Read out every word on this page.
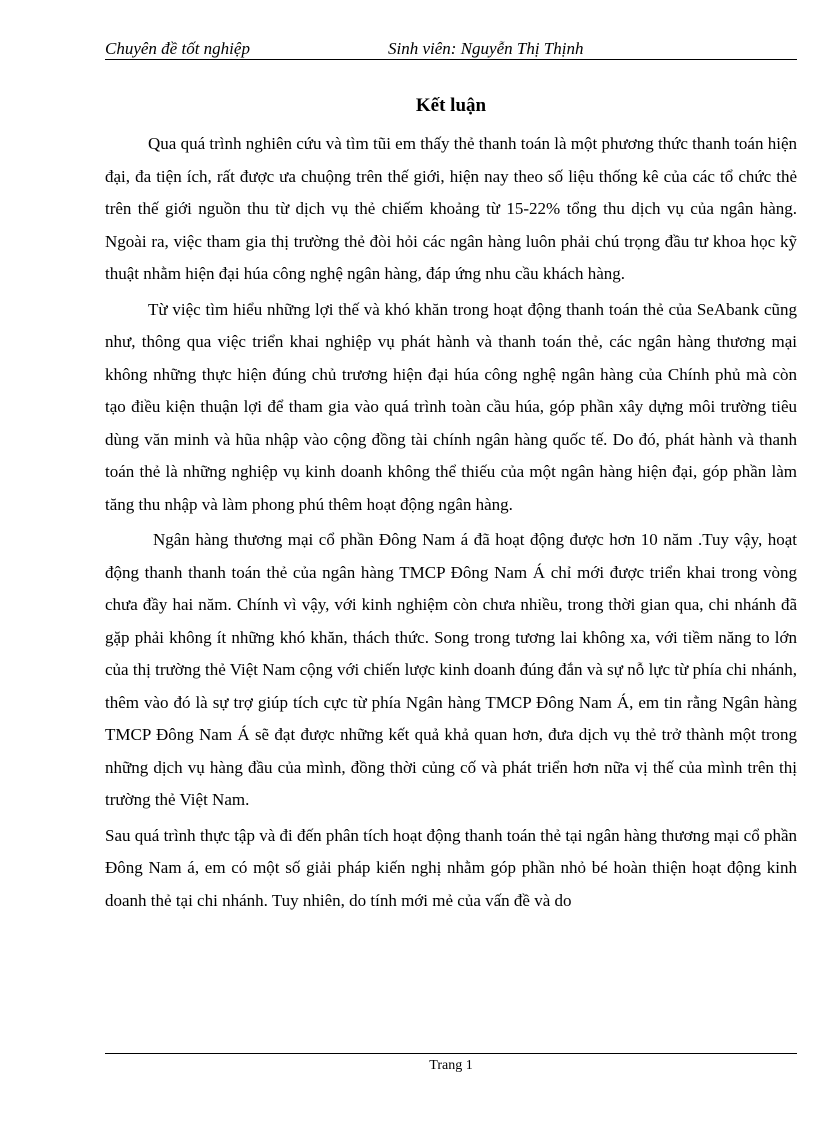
Chuyên đề tốt nghiệp	Sinh viên: Nguyễn Thị Thịnh
Kết luận

Qua quá trình nghiên cứu và tìm tũi em thấy thẻ thanh toán là một phương thức thanh toán hiện đại, đa tiện ích, rất được ưa chuộng trên thế giới, hiện nay theo số liệu thống kê của các tổ chức thẻ trên thế giới nguồn thu từ dịch vụ thẻ chiếm khoảng từ 15-22% tổng thu dịch vụ của ngân hàng. Ngoài ra, việc tham gia thị trường thẻ đòi hỏi các ngân hàng luôn phải chú trọng đầu tư khoa học kỹ thuật nhằm hiện đại húa công nghệ ngân hàng, đáp ứng nhu cầu khách hàng.

Từ việc tìm hiểu những lợi thế và khó khăn trong hoạt động thanh toán thẻ của SeAbank cũng như, thông qua việc triển khai nghiệp vụ phát hành và thanh toán thẻ, các ngân hàng thương mại không những thực hiện đúng chủ trương hiện đại húa công nghệ ngân hàng của Chính phủ mà còn tạo điều kiện thuận lợi để tham gia vào quá trình toàn cầu húa, góp phần xây dựng môi trường tiêu dùng văn minh và hũa nhập vào cộng đồng tài chính ngân hàng quốc tế. Do đó, phát hành và thanh toán thẻ là những nghiệp vụ kinh doanh không thể thiếu của một ngân hàng hiện đại, góp phần làm tăng thu nhập và làm phong phú thêm hoạt động ngân hàng.

Ngân hàng thương mại cổ phần Đông Nam á đã hoạt động được hơn 10 năm .Tuy vậy, hoạt động thanh thanh toán thẻ của ngân hàng TMCP Đông Nam Á chỉ mới được triển khai trong vòng chưa đầy hai năm. Chính vì vậy, với kinh nghiệm còn chưa nhiều, trong thời gian qua, chi nhánh đã gặp phải không ít những khó khăn, thách thức. Song trong tương lai không xa, với tiềm năng to lớn của thị trường thẻ Việt Nam cộng với chiến lược kinh doanh đúng đắn và sự nỗ lực từ phía chi nhánh, thêm vào đó là sự trợ giúp tích cực từ phía Ngân hàng TMCP Đông Nam Á, em tin rằng Ngân hàng TMCP Đông Nam Á sẽ đạt được những kết quả khả quan hơn, đưa dịch vụ thẻ trở thành một trong những dịch vụ hàng đầu của mình, đồng thời củng cố và phát triển hơn nữa vị thế của mình trên thị trường thẻ Việt Nam.

Sau quá trình thực tập và đi đến phân tích hoạt động thanh toán thẻ tại ngân hàng thương mại cổ phần Đông Nam á, em có một số giải pháp kiến nghị nhằm góp phần nhỏ bé hoàn thiện hoạt động kinh doanh thẻ tại chi nhánh. Tuy nhiên, do tính mới mẻ của vấn đề và do

Trang 1
